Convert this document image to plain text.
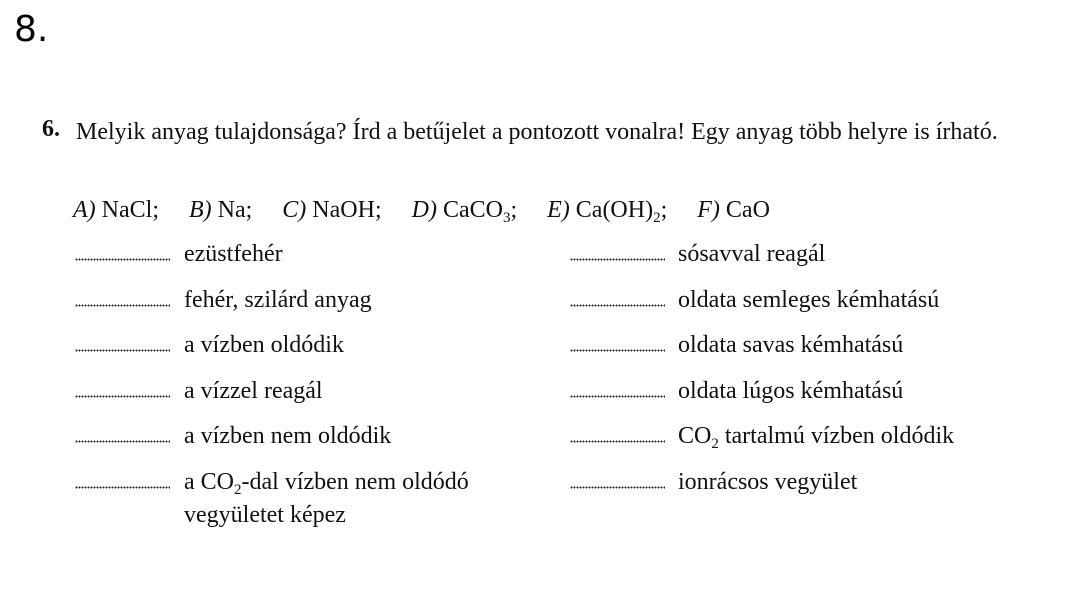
8.
6. Melyik anyag tulajdonsága? Írd a betűjelet a pontozott vonalra! Egy anyag több helyre is írható.
A) NaCl; B) Na; C) NaOH; D) CaCO$_3$; E) $Ca(OH)_2$; F) CaO
ezüstfehér
fehér, szilárd anyag
a vízben oldódik
a vízzel reagál
a vízben nem oldódik
a $CO_2$-dal vízben nem oldódó
vegyületet képez
sósavval reagál
oldata semleges kémhatású
oldata savas kémhatású
oldata lúgos kémhatású
$CO_2$ tartalmú vízben oldódik
ionrácsos vegyület
